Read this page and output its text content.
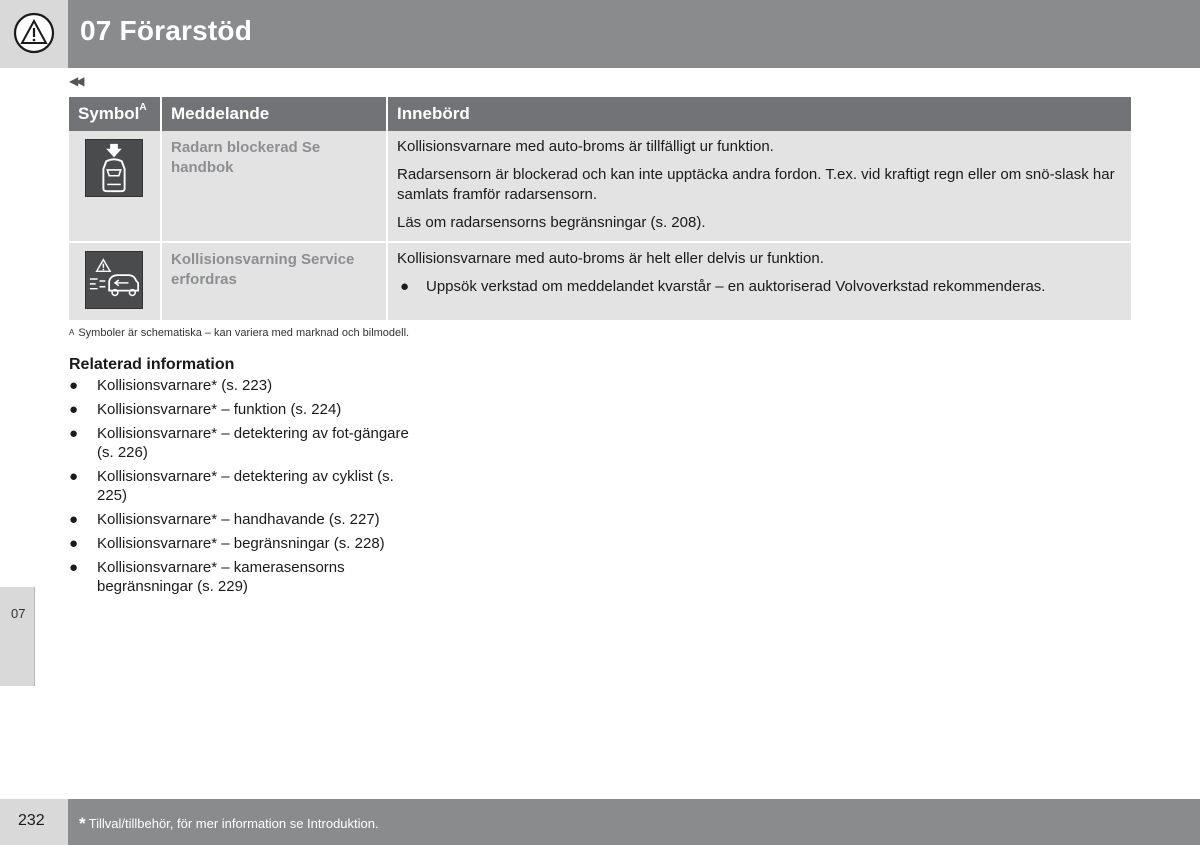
07 Förarstöd
◀◀
Symbol$^A$	Meddelande	Innebörd

	Radarn blockerad Se handbok	Kollisionsvarnare med auto-broms är tillfälligt ur funktion.

Radarsensorn är blockerad och kan inte upptäcka andra fordon. T.ex. vid kraftigt regn eller om snö-slask har samlats framför radarsensorn.

Läs om radarsensorns begränsningar (s. 208).

	Kollisionsvarning Service erfordras	Kollisionsvarnare med auto-broms är helt eller delvis ur funktion.

● Uppsök verkstad om meddelandet kvarstår – en auktoriserad Volvoverkstad rekommenderas.

A Symboler är schematiska – kan variera med marknad och bilmodell.
Relaterad information
● Kollisionsvarnare* (s. 223)
● Kollisionsvarnare* – funktion (s. 224)
● Kollisionsvarnare* – detektering av fot-gängare (s. 226)
● Kollisionsvarnare* – detektering av cyklist (s. 225)
● Kollisionsvarnare* – handhavande (s. 227)
● Kollisionsvarnare* – begränsningar (s. 228)
● Kollisionsvarnare* – kamerasensorns begränsningar (s. 229)
07
232 * Tillval/tillbehör, för mer information se Introduktion.
